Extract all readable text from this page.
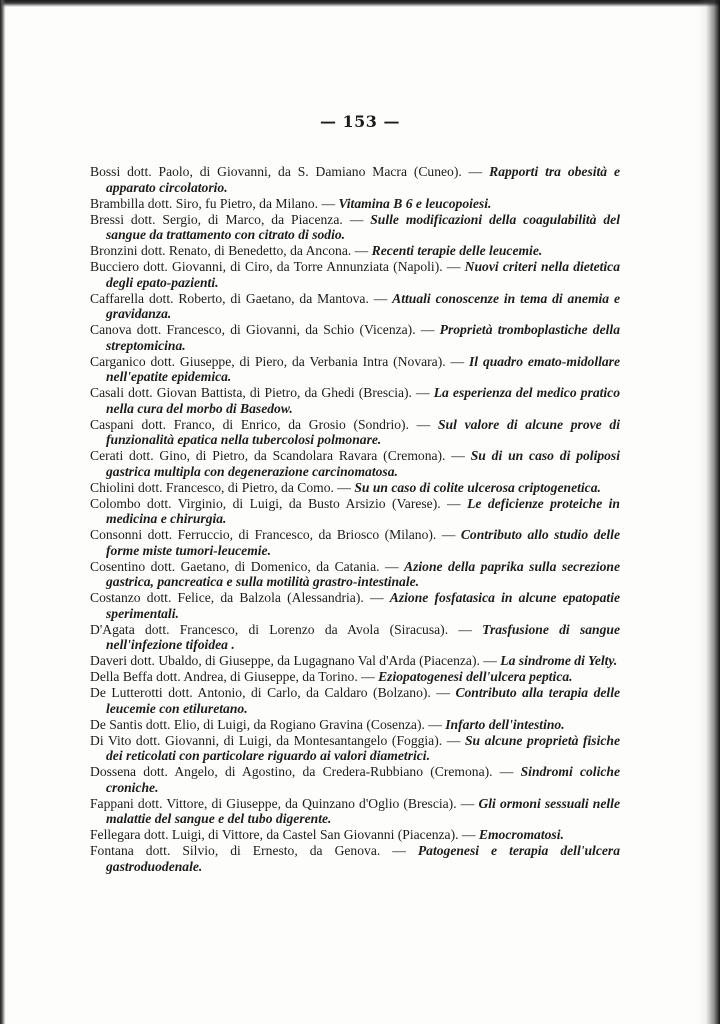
— 153 —
Bossi dott. Paolo, di Giovanni, da S. Damiano Macra (Cuneo). — Rapporti tra obesità e apparato circolatorio.
Brambilla dott. Siro, fu Pietro, da Milano. — Vitamina B 6 e leucopoiesi.
Bressi dott. Sergio, di Marco, da Piacenza. — Sulle modificazioni della coagulabilità del sangue da trattamento con citrato di sodio.
Bronzini dott. Renato, di Benedetto, da Ancona. — Recenti terapie delle leucemie.
Bucciero dott. Giovanni, di Ciro, da Torre Annunziata (Napoli). — Nuovi criteri nella dietetica degli epato-pazienti.
Caffarella dott. Roberto, di Gaetano, da Mantova. — Attuali conoscenze in tema di anemia e gravidanza.
Canova dott. Francesco, di Giovanni, da Schio (Vicenza). — Proprietà tromboplastiche della streptomicina.
Carganico dott. Giuseppe, di Piero, da Verbania Intra (Novara). — Il quadro emato-midollare nell'epatite epidemica.
Casali dott. Giovan Battista, di Pietro, da Ghedi (Brescia). — La esperienza del medico pratico nella cura del morbo di Basedow.
Caspani dott. Franco, di Enrico, da Grosio (Sondrio). — Sul valore di alcune prove di funzionalità epatica nella tubercolosi polmonare.
Cerati dott. Gino, di Pietro, da Scandolara Ravara (Cremona). — Su di un caso di poliposi gastrica multipla con degenerazione carcinomatosa.
Chiolini dott. Francesco, di Pietro, da Como. — Su un caso di colite ulcerosa criptogenetica.
Colombo dott. Virginio, di Luigi, da Busto Arsizio (Varese). — Le deficienze proteiche in medicina e chirurgia.
Consonni dott. Ferruccio, di Francesco, da Briosco (Milano). — Contributo allo studio delle forme miste tumori-leucemie.
Cosentino dott. Gaetano, di Domenico, da Catania. — Azione della paprika sulla secrezione gastrica, pancreatica e sulla motilità grastro-intestinale.
Costanzo dott. Felice, da Balzola (Alessandria). — Azione fosfatasica in alcune epatopatie sperimentali.
D'Agata dott. Francesco, di Lorenzo da Avola (Siracusa). — Trasfusione di sangue nell'infezione tifoidea .
Daveri dott. Ubaldo, di Giuseppe, da Lugagnano Val d'Arda (Piacenza). — La sindrome di Yelty.
Della Beffa dott. Andrea, di Giuseppe, da Torino. — Eziopatogenesi dell'ulcera peptica.
De Lutterotti dott. Antonio, di Carlo, da Caldaro (Bolzano). — Contributo alla terapia delle leucemie con etiluretano.
De Santis dott. Elio, di Luigi, da Rogiano Gravina (Cosenza). — Infarto dell'intestino.
Di Vito dott. Giovanni, di Luigi, da Montesantangelo (Foggia). — Su alcune proprietà fisiche dei reticolati con particolare riguardo ai valori diametrici.
Dossena dott. Angelo, di Agostino, da Credera-Rubbiano (Cremona). — Sindromi coliche croniche.
Fappani dott. Vittore, di Giuseppe, da Quinzano d'Oglio (Brescia). — Gli ormoni sessuali nelle malattie del sangue e del tubo digerente.
Fellegara dott. Luigi, di Vittore, da Castel San Giovanni (Piacenza). — Emocromatosi.
Fontana dott. Silvio, di Ernesto, da Genova. — Patogenesi e terapia dell'ulcera gastroduodenale.
